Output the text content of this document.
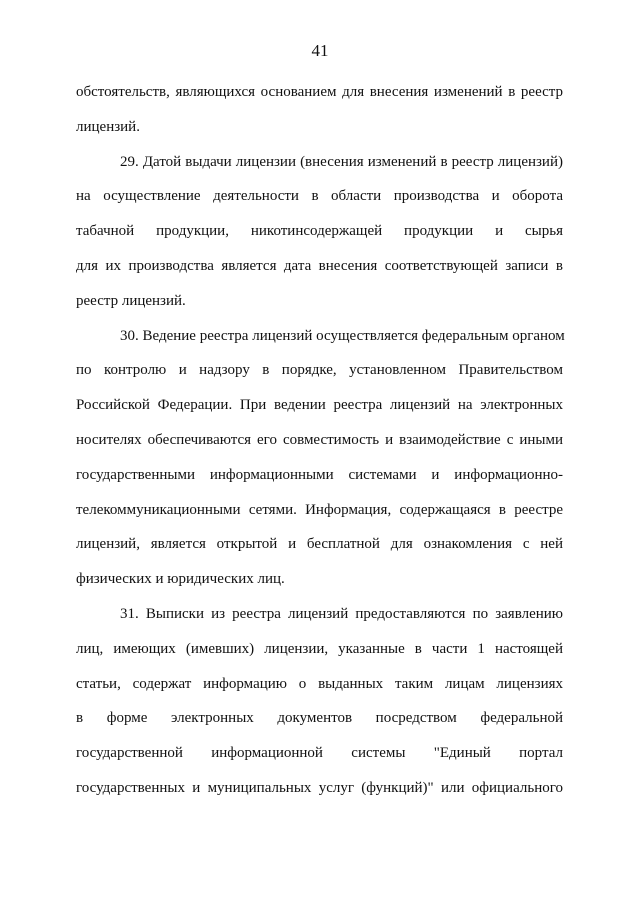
41
обстоятельств, являющихся основанием для внесения изменений в реестр
лицензий.
29. Датой выдачи лицензии (внесения изменений в реестр лицензий)
на осуществление деятельности в области производства и оборота
табачной продукции, никотинсодержащей продукции и сырья
для их производства является дата внесения соответствующей записи в
реестр лицензий.
30. Ведение реестра лицензий осуществляется федеральным органом
по контролю и надзору в порядке, установленном Правительством
Российской Федерации. При ведении реестра лицензий на электронных
носителях обеспечиваются его совместимость и взаимодействие с иными
государственными информационными системами и информационно-
телекоммуникационными сетями. Информация, содержащаяся в реестре
лицензий, является открытой и бесплатной для ознакомления с ней
физических и юридических лиц.
31. Выписки из реестра лицензий предоставляются по заявлению
лиц, имеющих (имевших) лицензии, указанные в части 1 настоящей
статьи, содержат информацию о выданных таким лицам лицензиях
в форме электронных документов посредством федеральной
государственной информационной системы "Единый портал
государственных и муниципальных услуг (функций)" или официального
